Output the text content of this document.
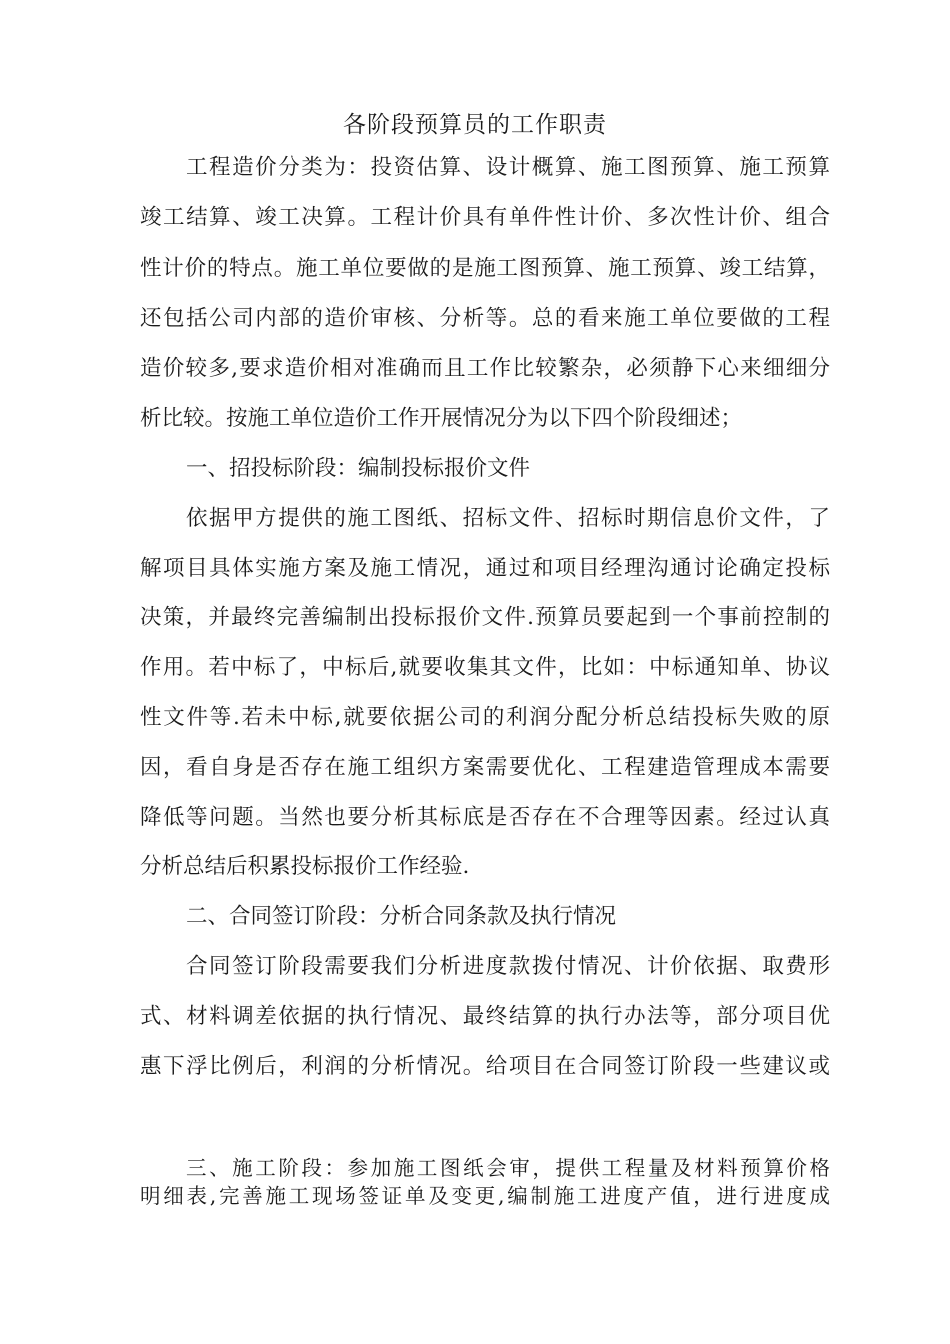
各阶段预算员的工作职责
工程造价分类为：投资估算、设计概算、施工图预算、施工预算
竣工结算、竣工决算。工程计价具有单件性计价、多次性计价、组合
性计价的特点。施工单位要做的是施工图预算、施工预算、竣工结算，
还包括公司内部的造价审核、分析等。总的看来施工单位要做的工程
造价较多,要求造价相对准确而且工作比较繁杂，必须静下心来细细分
析比较。按施工单位造价工作开展情况分为以下四个阶段细述；
一、招投标阶段：编制投标报价文件
依据甲方提供的施工图纸、招标文件、招标时期信息价文件，了
解项目具体实施方案及施工情况，通过和项目经理沟通讨论确定投标
决策，并最终完善编制出投标报价文件.预算员要起到一个事前控制的
作用。若中标了，中标后,就要收集其文件，比如：中标通知单、协议
性文件等.若未中标,就要依据公司的利润分配分析总结投标失败的原
因，看自身是否存在施工组织方案需要优化、工程建造管理成本需要
降低等问题。当然也要分析其标底是否存在不合理等因素。经过认真
分析总结后积累投标报价工作经验.
二、合同签订阶段：分析合同条款及执行情况
合同签订阶段需要我们分析进度款拨付情况、计价依据、取费形
式、材料调差依据的执行情况、最终结算的执行办法等，部分项目优
惠下浮比例后，利润的分析情况。给项目在合同签订阶段一些建议或
三、施工阶段：参加施工图纸会审，提供工程量及材料预算价格
明细表,完善施工现场签证单及变更,编制施工进度产值，进行进度成
